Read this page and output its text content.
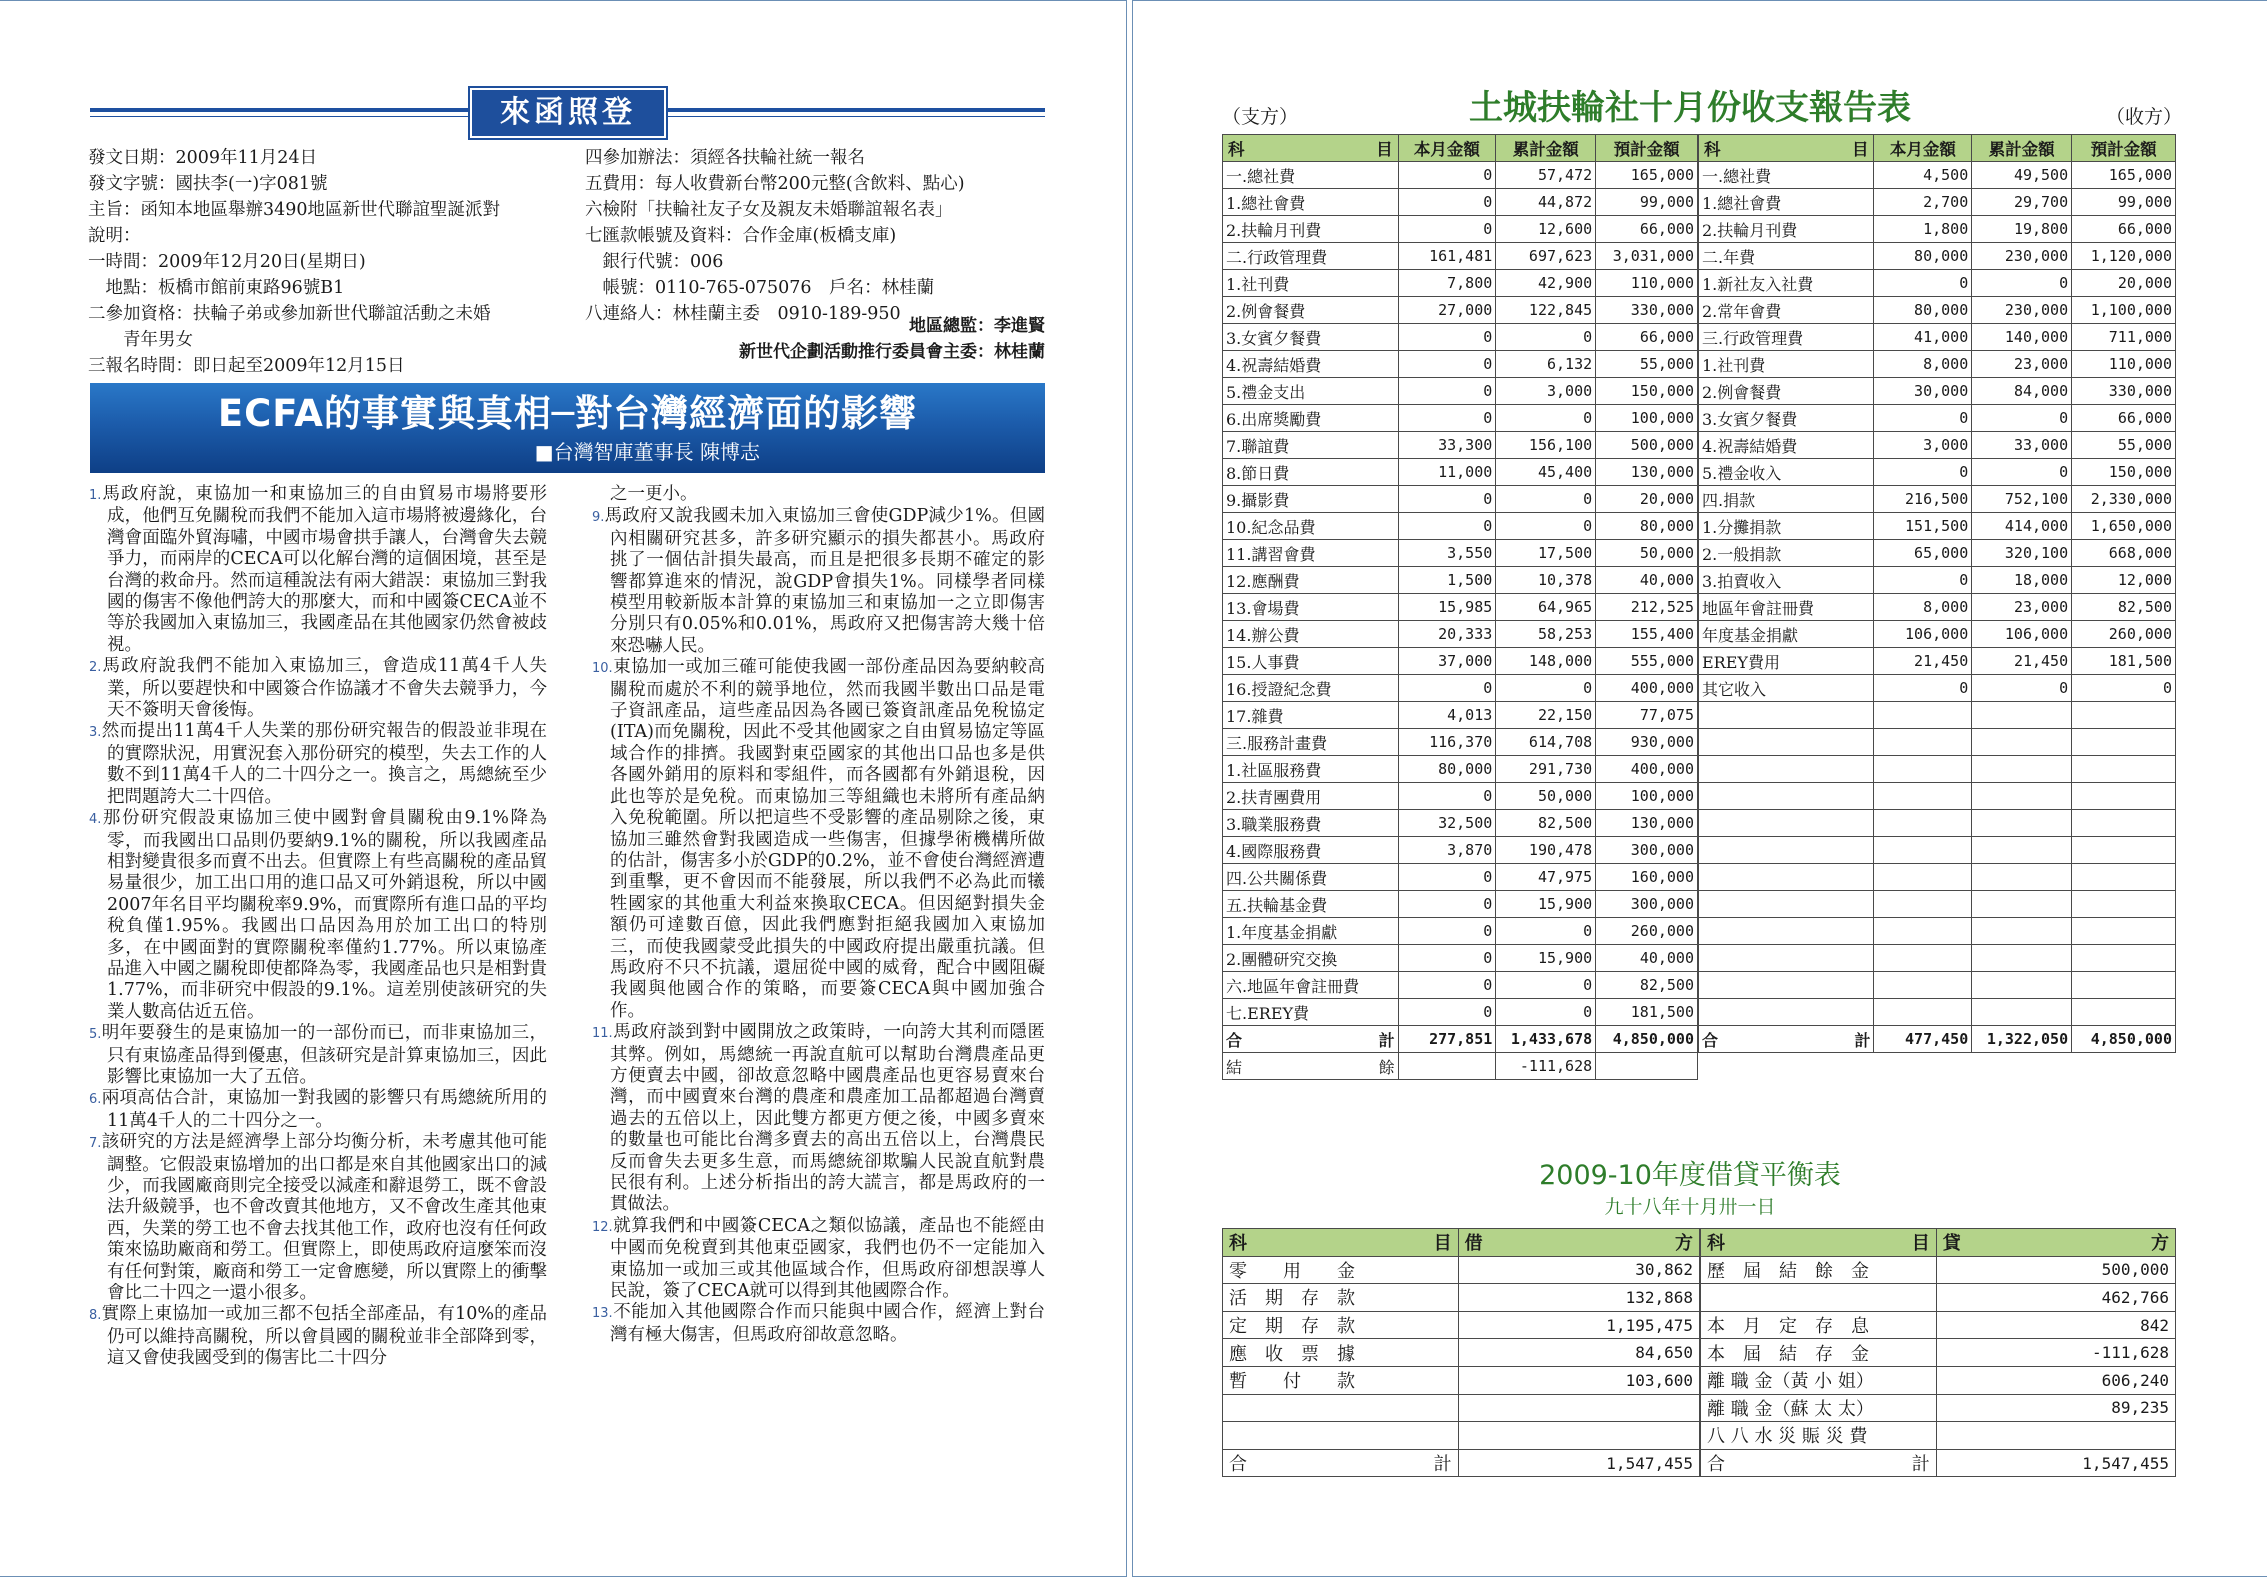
來函照登
發文日期：2009年11月24日
發文字號：國扶李(一)字081號
主旨：函知本地區舉辦3490地區新世代聯誼聖誕派對
說明：
一時間：2009年12月20日(星期日)
　地點：板橋市館前東路96號B1
二參加資格：扶輪子弟或參加新世代聯誼活動之未婚
　　青年男女
三報名時間：即日起至2009年12月15日
四參加辦法：須經各扶輪社統一報名
五費用：每人收費新台幣200元整(含飲料、點心)
六檢附「扶輪社友子女及親友未婚聯誼報名表」
七匯款帳號及資料：合作金庫(板橋支庫)
　銀行代號：006
　帳號：0110-765-075076　戶名：林桂蘭
八連絡人：林桂蘭主委　0910-189-950
地區總監：李進賢
新世代企劃活動推行委員會主委：林桂蘭
ECFA的事實與真相─對台灣經濟面的影響
■台灣智庫董事長 陳博志

1.馬政府說，東協加一和東協加三的自由貿易市場將要形成，他們互免關稅而我們不能加入這市場將被邊緣化，台灣會面臨外貿海嘯，中國市場會拱手讓人，台灣會失去競爭力，而兩岸的CECA可以化解台灣的這個困境，甚至是台灣的救命丹。然而這種說法有兩大錯誤：東協加三對我國的傷害不像他們誇大的那麼大，而和中國簽CECA並不等於我國加入東協加三，我國產品在其他國家仍然會被歧視。

2.馬政府說我們不能加入東協加三，會造成11萬4千人失業，所以要趕快和中國簽合作協議才不會失去競爭力，今天不簽明天會後悔。

3.然而提出11萬4千人失業的那份研究報告的假設並非現在的實際狀況，用實況套入那份研究的模型，失去工作的人數不到11萬4千人的二十四分之一。換言之，馬總統至少把問題誇大二十四倍。

4.那份研究假設東協加三使中國對會員關稅由9.1%降為零，而我國出口品則仍要納9.1%的關稅，所以我國產品相對變貴很多而賣不出去。但實際上有些高關稅的產品貿易量很少，加工出口用的進口品又可外銷退稅，所以中國2007年名目平均關稅率9.9%，而實際所有進口品的平均稅負僅1.95%。我國出口品因為用於加工出口的特別多，在中國面對的實際關稅率僅約1.77%。所以東協產品進入中國之關稅即使都降為零，我國產品也只是相對貴1.77%，而非研究中假設的9.1%。這差別使該研究的失業人數高估近五倍。

5.明年要發生的是東協加一的一部份而已，而非東協加三，只有東協產品得到優惠，但該研究是計算東協加三，因此影響比東協加一大了五倍。

6.兩項高估合計，東協加一對我國的影響只有馬總統所用的11萬4千人的二十四分之一。

7.該研究的方法是經濟學上部分均衡分析，未考慮其他可能調整。它假設東協增加的出口都是來自其他國家出口的減少，而我國廠商則完全接受以減產和辭退勞工，既不會設法升級競爭，也不會改賣其他地方，又不會改生產其他東西，失業的勞工也不會去找其他工作，政府也沒有任何政策來協助廠商和勞工。但實際上，即使馬政府這麼笨而沒有任何對策，廠商和勞工一定會應變，所以實際上的衝擊會比二十四之一還小很多。

8.實際上東協加一或加三都不包括全部產品，有10%的產品仍可以維持高關稅，所以會員國的關稅並非全部降到零，這又會使我國受到的傷害比二十四分

之一更小。

9.馬政府又說我國未加入東協加三會使GDP減少1%。但國內相關研究甚多，許多研究顯示的損失都甚小。馬政府挑了一個估計損失最高，而且是把很多長期不確定的影響都算進來的情況，說GDP會損失1%。同樣學者同樣模型用較新版本計算的東協加三和東協加一之立即傷害分別只有0.05%和0.01%，馬政府又把傷害誇大幾十倍來恐嚇人民。

10.東協加一或加三確可能使我國一部份產品因為要納較高關稅而處於不利的競爭地位，然而我國半數出口品是電子資訊產品，這些產品因為各國已簽資訊產品免稅協定(ITA)而免關稅，因此不受其他國家之自由貿易協定等區域合作的排擠。我國對東亞國家的其他出口品也多是供各國外銷用的原料和零組件，而各國都有外銷退稅，因此也等於是免稅。而東協加三等組織也未將所有產品納入免稅範圍。所以把這些不受影響的產品剔除之後，東協加三雖然會對我國造成一些傷害，但據學術機構所做的估計，傷害多小於GDP的0.2%，並不會使台灣經濟遭到重擊，更不會因而不能發展，所以我們不必為此而犧牲國家的其他重大利益來換取CECA。但因絕對損失金額仍可達數百億，因此我們應對拒絕我國加入東協加三，而使我國蒙受此損失的中國政府提出嚴重抗議。但馬政府不只不抗議，還屈從中國的威脅，配合中國阻礙我國與他國合作的策略，而要簽CECA與中國加強合作。

11.馬政府談到對中國開放之政策時，一向誇大其利而隱匿其弊。例如，馬總統一再說直航可以幫助台灣農產品更方便賣去中國，卻故意忽略中國農產品也更容易賣來台灣，而中國賣來台灣的農產和農產加工品都超過台灣賣過去的五倍以上，因此雙方都更方便之後，中國多賣來的數量也可能比台灣多賣去的高出五倍以上，台灣農民反而會失去更多生意，而馬總統卻欺騙人民說直航對農民很有利。上述分析指出的誇大謊言，都是馬政府的一貫做法。

12.就算我們和中國簽CECA之類似協議，產品也不能經由中國而免稅賣到其他東亞國家，我們也仍不一定能加入東協加一或加三或其他區域合作，但馬政府卻想誤導人民說，簽了CECA就可以得到其他國際合作。

13.不能加入其他國際合作而只能與中國合作，經濟上對台灣有極大傷害，但馬政府卻故意忽略。

（支方）	土城扶輪社十月份收支報告表	（收方）
科 目	本月金額	累計金額	預計金額
一.總社費	0	57,472	165,000
1.總社會費	0	44,872	99,000
2.扶輪月刊費	0	12,600	66,000
二.行政管理費	161,481	697,623	3,031,000
1.社刊費	7,800	42,900	110,000
2.例會餐費	27,000	122,845	330,000
3.女賓夕餐費	0	0	66,000
4.祝壽結婚費	0	6,132	55,000
5.禮金支出	0	3,000	150,000
6.出席獎勵費	0	0	100,000
7.聯誼費	33,300	156,100	500,000
8.節日費	11,000	45,400	130,000
9.攝影費	0	0	20,000
10.紀念品費	0	0	80,000
11.講習會費	3,550	17,500	50,000
12.應酬費	1,500	10,378	40,000
13.會場費	15,985	64,965	212,525
14.辦公費	20,333	58,253	155,400
15.人事費	37,000	148,000	555,000
16.授證紀念費	0	0	400,000
17.雜費	4,013	22,150	77,075
三.服務計畫費	116,370	614,708	930,000
1.社區服務費	80,000	291,730	400,000
2.扶青團費用	0	50,000	100,000
3.職業服務費	32,500	82,500	130,000
4.國際服務費	3,870	190,478	300,000
四.公共關係費	0	47,975	160,000
五.扶輪基金費	0	15,900	300,000
1.年度基金捐獻	0	0	260,000
2.團體研究交換	0	15,900	40,000
六.地區年會註冊費	0	0	82,500
七.EREY費	0	0	181,500

合 計	277,851	1,433,678	4,850,000

結 餘		-111,628	
科 目	本月金額	累計金額	預計金額
一.總社費	4,500	49,500	165,000
1.總社會費	2,700	29,700	99,000
2.扶輪月刊費	1,800	19,800	66,000
二.年費	80,000	230,000	1,120,000
1.新社友入社費	0	0	20,000
2.常年會費	80,000	230,000	1,100,000
三.行政管理費	41,000	140,000	711,000
1.社刊費	8,000	23,000	110,000
2.例會餐費	30,000	84,000	330,000
3.女賓夕餐費	0	0	66,000
4.祝壽結婚費	3,000	33,000	55,000
5.禮金收入	0	0	150,000
四.捐款	216,500	752,100	2,330,000
1.分攤捐款	151,500	414,000	1,650,000
2.一般捐款	65,000	320,100	668,000
3.拍賣收入	0	18,000	12,000
地區年會註冊費	8,000	23,000	82,500
年度基金捐獻	106,000	106,000	260,000
EREY費用	21,450	21,450	181,500
其它收入	0	0	0

合 計	477,450	1,322,050	4,850,000
2009-10年度借貸平衡表
九十八年十月卅一日
科 目	借 方

零　　用　　金	30,862
活　期　存　款	132,868
定　期　存　款	1,195,475
應　收　票　據	84,650
暫　　付　　款	103,600

合 計	1,547,455
科 目	貸 方

歷　屆　結　餘　金	500,000
	462,766
本　月　定　存　息	842
本　屆　結　存　金	-111,628
離 職 金（黃 小 姐）	606,240
離 職 金（蘇 太 太）	89,235
八 八 水 災 賑 災 費	

合 計	1,547,455
